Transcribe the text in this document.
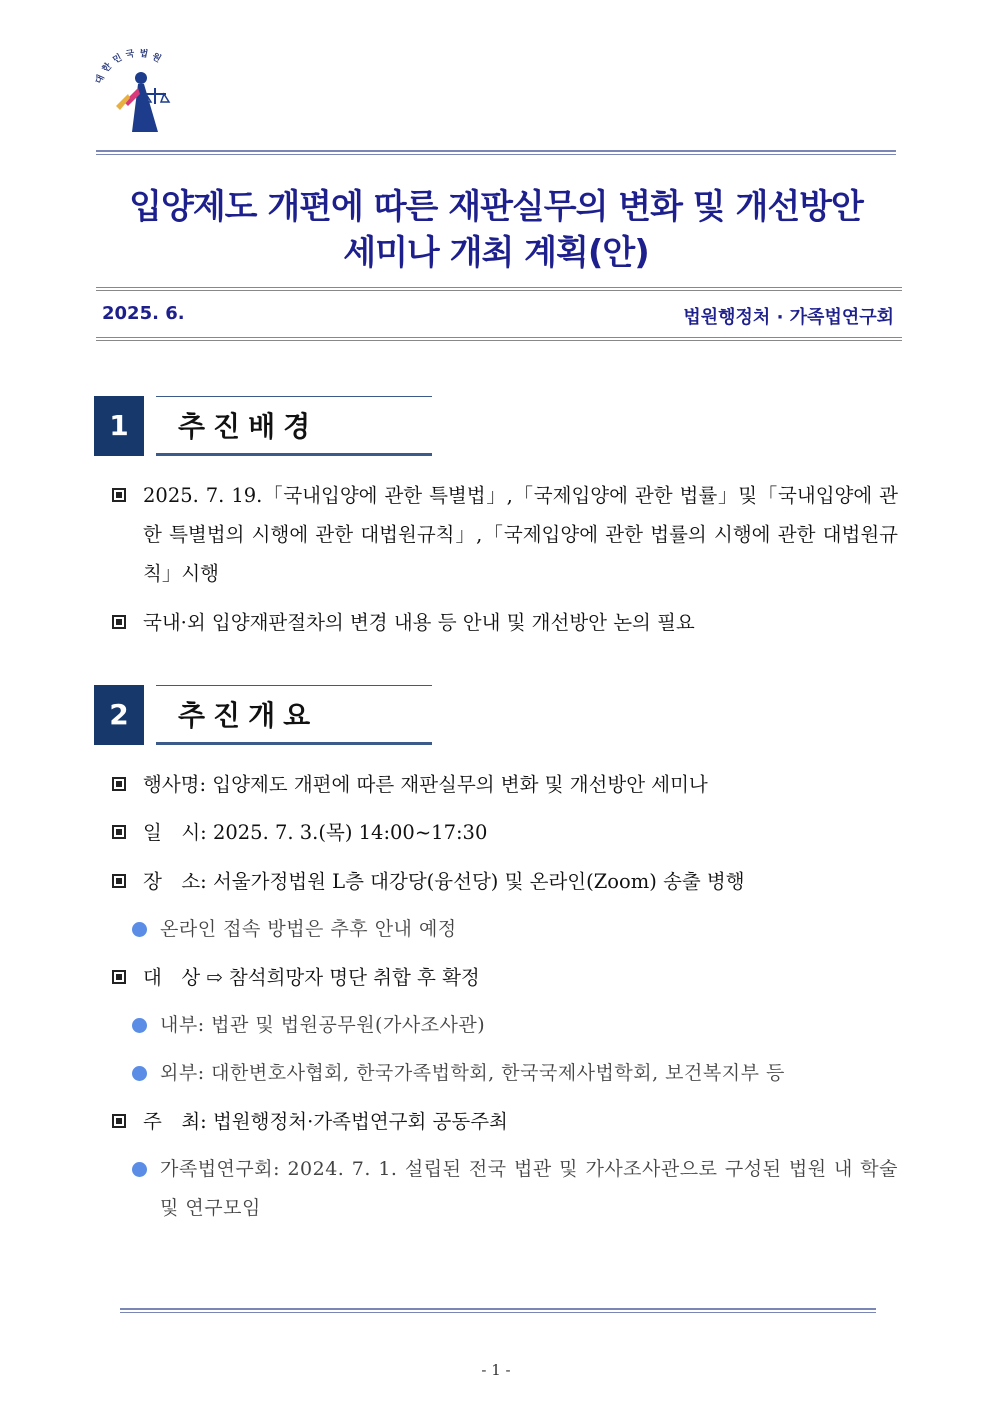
대한민국법원
입양제도 개편에 따른 재판실무의 변화 및 개선방안
세미나 개최 계획(안)
2025. 6.	법원행정처 · 가족법연구회
1	추진배경
2025. 7. 19.「국내입양에 관한 특별법」,「국제입양에 관한 법률」및「국내입양에 관한 특별법의 시행에 관한 대법원규칙」,「국제입양에 관한 법률의 시행에 관한 대법원규칙」시행
국내·외 입양재판절차의 변경 내용 등 안내 및 개선방안 논의 필요
2	추진개요
행사명: 입양제도 개편에 따른 재판실무의 변화 및 개선방안 세미나
일　시: 2025. 7. 3.(목) 14:00~17:30
장　소: 서울가정법원 L층 대강당(융선당) 및 온라인(Zoom) 송출 병행
온라인 접속 방법은 추후 안내 예정
대　상 ⇨ 참석희망자 명단 취합 후 확정
내부: 법관 및 법원공무원(가사조사관)
외부: 대한변호사협회, 한국가족법학회, 한국국제사법학회, 보건복지부 등
주　최: 법원행정처·가족법연구회 공동주최
가족법연구회: 2024. 7. 1. 설립된 전국 법관 및 가사조사관으로 구성된 법원 내 학술 및 연구모임
- 1 -
